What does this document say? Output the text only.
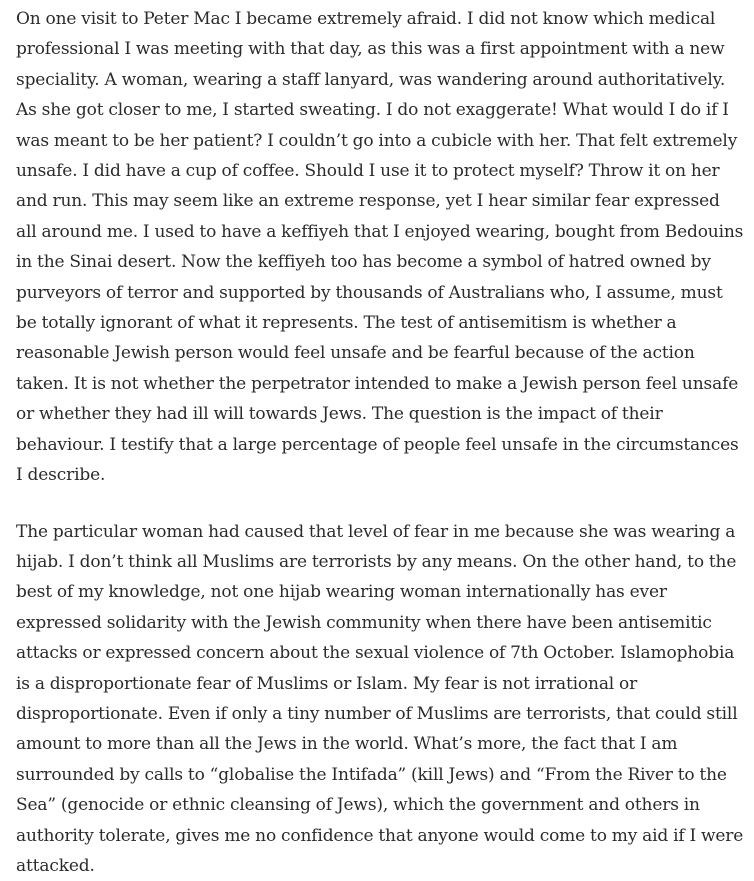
On one visit to Peter Mac I became extremely afraid. I did not know which medical professional I was meeting with that day, as this was a first appointment with a new speciality. A woman, wearing a staff lanyard, was wandering around authoritatively. As she got closer to me, I started sweating. I do not exaggerate! What would I do if I was meant to be her patient? I couldn’t go into a cubicle with her. That felt extremely unsafe. I did have a cup of coffee. Should I use it to protect myself? Throw it on her and run. This may seem like an extreme response, yet I hear similar fear expressed all around me. I used to have a keffiyeh that I enjoyed wearing, bought from Bedouins in the Sinai desert. Now the keffiyeh too has become a symbol of hatred owned by purveyors of terror and supported by thousands of Australians who, I assume, must be totally ignorant of what it represents. The test of antisemitism is whether a reasonable Jewish person would feel unsafe and be fearful because of the action taken. It is not whether the perpetrator intended to make a Jewish person feel unsafe or whether they had ill will towards Jews. The question is the impact of their behaviour. I testify that a large percentage of people feel unsafe in the circumstances I describe.

The particular woman had caused that level of fear in me because she was wearing a hijab. I don’t think all Muslims are terrorists by any means. On the other hand, to the best of my knowledge, not one hijab wearing woman internationally has ever expressed solidarity with the Jewish community when there have been antisemitic attacks or expressed concern about the sexual violence of 7th October. Islamophobia is a disproportionate fear of Muslims or Islam. My fear is not irrational or disproportionate. Even if only a tiny number of Muslims are terrorists, that could still amount to more than all the Jews in the world. What’s more, the fact that I am surrounded by calls to “globalise the Intifada” (kill Jews) and “From the River to the Sea” (genocide or ethnic cleansing of Jews), which the government and others in authority tolerate, gives me no confidence that anyone would come to my aid if I were attacked.
